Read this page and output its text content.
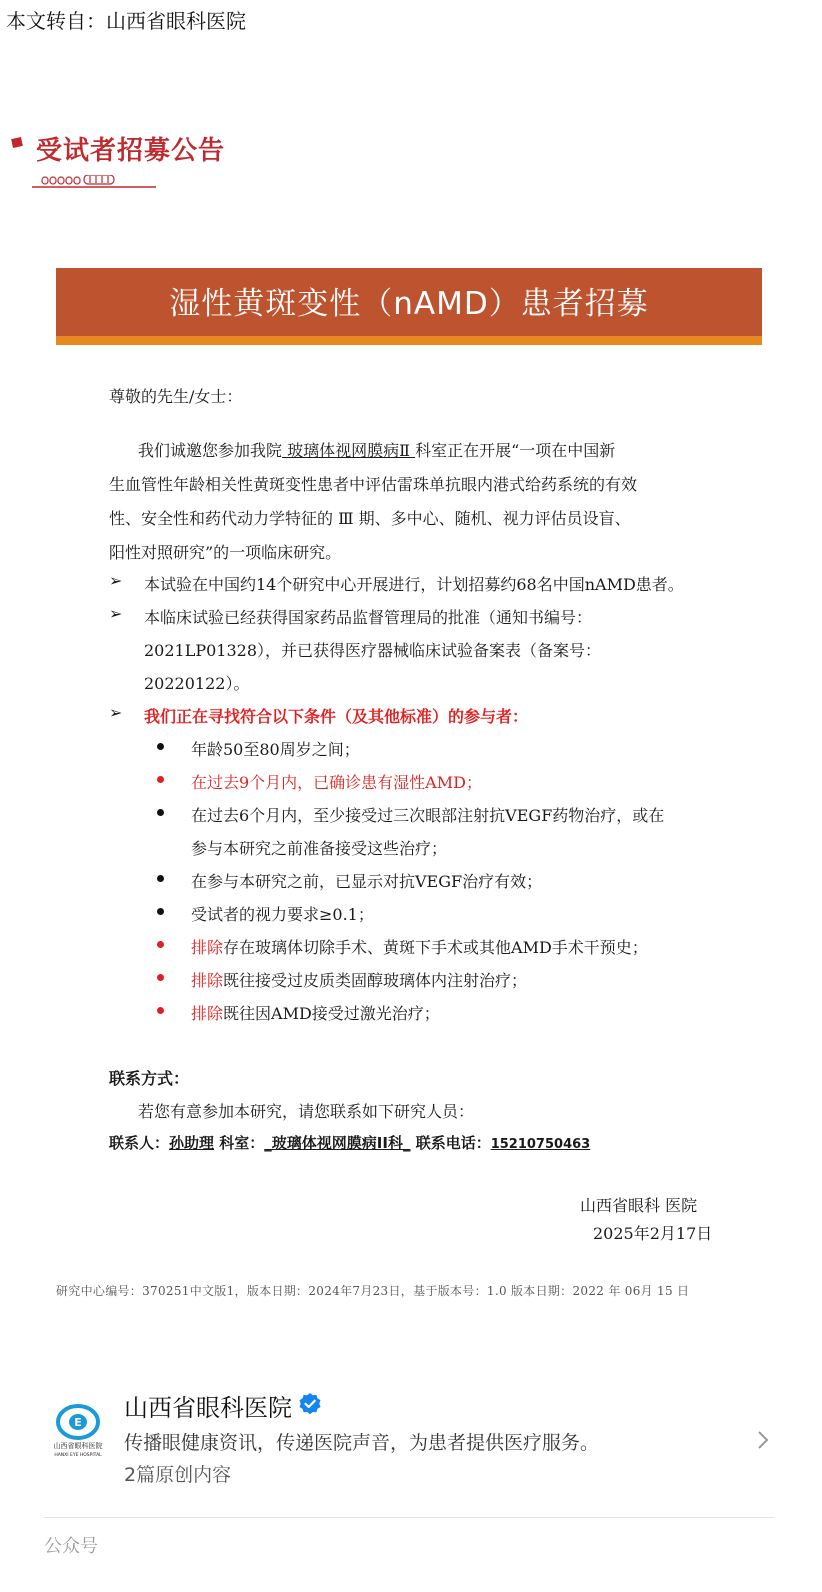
本文转自：山西省眼科医院
受试者招募公告
湿性黄斑变性（nAMD）患者招募
尊敬的先生/女士：
我们诚邀您参加我院 玻璃体视网膜病Ⅱ 科室正在开展“一项在中国新
生血管性年龄相关性黄斑变性患者中评估雷珠单抗眼内港式给药系统的有效
性、安全性和药代动力学特征的 Ⅲ 期、多中心、随机、视力评估员设盲、
阳性对照研究”的一项临床研究。
➢ 本试验在中国约14个研究中心开展进行，计划招募约68名中国nAMD患者。
➢ 本临床试验已经获得国家药品监督管理局的批准（通知书编号：
2021LP01328），并已获得医疗器械临床试验备案表（备案号：
20220122）。
➢ 我们正在寻找符合以下条件（及其他标准）的参与者：
年龄50至80周岁之间；
在过去9个月内，已确诊患有湿性AMD；
在过去6个月内，至少接受过三次眼部注射抗VEGF药物治疗，或在
参与本研究之前准备接受这些治疗；
在参与本研究之前，已显示对抗VEGF治疗有效；
受试者的视力要求≥0.1；
排除存在玻璃体切除手术、黄斑下手术或其他AMD手术干预史；
排除既往接受过皮质类固醇玻璃体内注射治疗；
排除既往因AMD接受过激光治疗；
联系方式：
若您有意参加本研究，请您联系如下研究人员：
联系人：孙助理 科室：_玻璃体视网膜病II科_ 联系电话：15210750463
山西省眼科 医院
2025年2月17日
研究中心编号：370251中文版1，版本日期：2024年7月23日，基于版本号：1.0 版本日期：2022 年 06月 15 日
E
山西省眼科医院
HANXI EYE HOSPITAL
山西省眼科医院
传播眼健康资讯，传递医院声音，为患者提供医疗服务。
2篇原创内容
公众号
